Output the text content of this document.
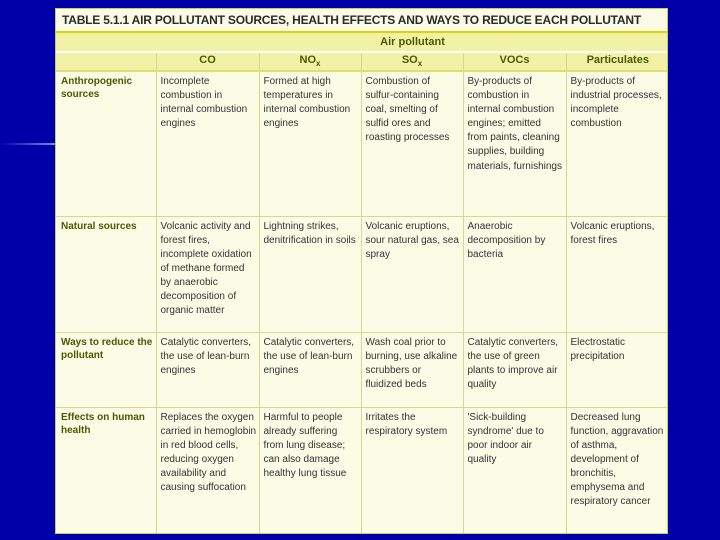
TABLE 5.1.1 AIR POLLUTANT SOURCES, HEALTH EFFECTS AND WAYS TO REDUCE EACH POLLUTANT
	Air pollutant				
	CO	$NO_x$	$SO_x$	VOCs	Particulates
Anthropogenic sources	Incomplete combustion in internal combustion engines	Formed at high temperatures in internal combustion engines	Combustion of sulfur-containing coal, smelting of sulfid ores and roasting processes	By-products of combustion in internal combustion engines; emitted from paints, cleaning supplies, building materials, furnishings	By-products of industrial processes, incomplete combustion
Natural sources	Volcanic activity and forest fires, incomplete oxidation of methane formed by anaerobic decomposition of organic matter	Lightning strikes, denitrification in soils	Volcanic eruptions, sour natural gas, sea spray	Anaerobic decomposition by bacteria	Volcanic eruptions, forest fires
Ways to reduce the pollutant	Catalytic converters, the use of lean-burn engines	Catalytic converters, the use of lean-burn engines	Wash coal prior to burning, use alkaline scrubbers or fluidized beds	Catalytic converters, the use of green plants to improve air quality	Electrostatic precipitation
Effects on human health	Replaces the oxygen carried in hemoglobin in red blood cells, reducing oxygen availability and causing suffocation	Harmful to people already suffering from lung disease; can also damage healthy lung tissue	Irritates the respiratory system	'Sick-building syndrome' due to poor indoor air quality	Decreased lung function, aggravation of asthma, development of bronchitis, emphysema and respiratory cancer
